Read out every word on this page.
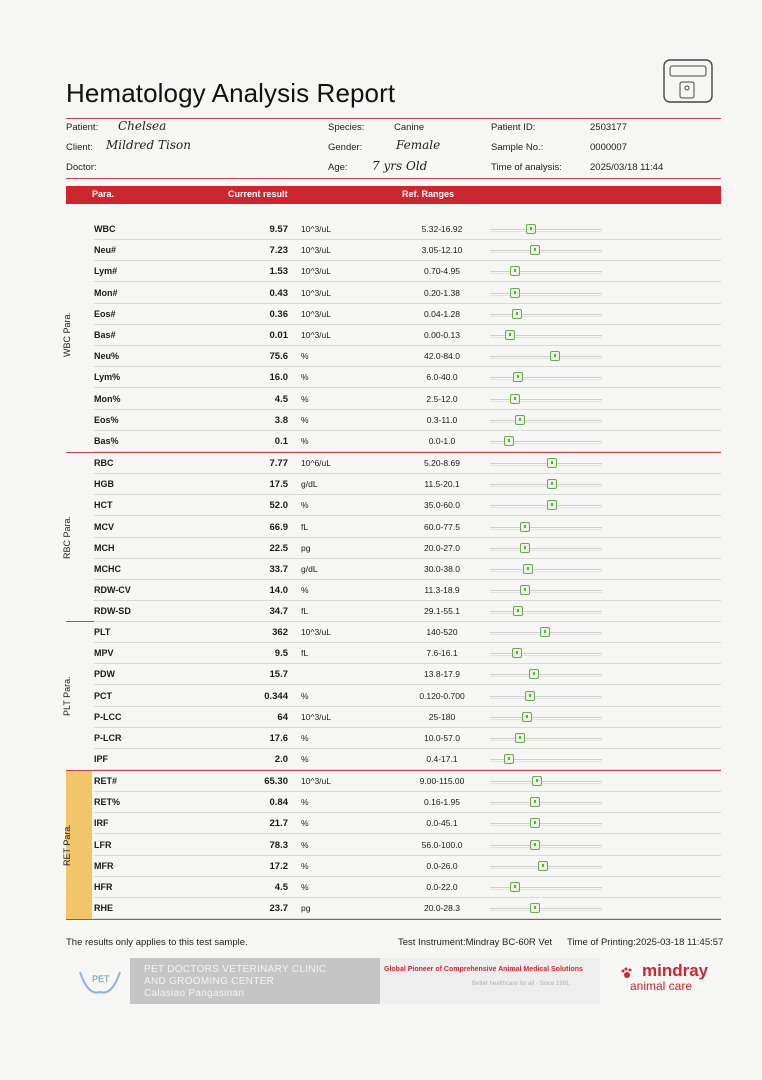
Hematology Analysis Report
Patient: Chelsea
Client: Mildred Tison
Doctor:
Species:	Canine
Gender:	Female
Age: 7 yrs Old
Patient ID:	2503177
Sample No.:	0000007
Time of analysis:	2025/03/18 11:44
Para.	Current result	Ref. Ranges
WBC Para.
RBC Para.
PLT Para.
RET Para.
WBC	9.57 10^3/uL	5.32-16.92
Neu#	7.23 10^3/uL	3.05-12.10
Lym#	1.53 10^3/uL	0.70-4.95
Mon#	0.43 10^3/uL	0.20-1.38
Eos#	0.36 10^3/uL	0.04-1.28
Bas#	0.01 10^3/uL	0.00-0.13
Neu%	75.6 %	42.0-84.0
Lym%	16.0 %	6.0-40.0
Mon%	4.5 %	2.5-12.0
Eos%	3.8 %	0.3-11.0
Bas%	0.1 %	0.0-1.0
RBC	7.77 10^6/uL	5.20-8.69
HGB	17.5 g/dL	11.5-20.1
HCT	52.0 %	35.0-60.0
MCV	66.9 fL	60.0-77.5
MCH	22.5 pg	20.0-27.0
MCHC	33.7 g/dL	30.0-38.0
RDW-CV	14.0 %	11.3-18.9
RDW-SD	34.7 fL	29.1-55.1
PLT	362 10^3/uL	140-520
MPV	9.5 fL	7.6-16.1
PDW	15.7	13.8-17.9
PCT	0.344 %	0.120-0.700
P-LCC	64 10^3/uL	25-180
P-LCR	17.6 %	10.0-57.0
IPF	2.0 %	0.4-17.1
RET#	65.30 10^3/uL	9.00-115.00
RET%	0.84 %	0.16-1.95
IRF	21.7 %	0.0-45.1
LFR	78.3 %	56.0-100.0
MFR	17.2 %	0.0-26.0
HFR	4.5 %	0.0-22.0
RHE	23.7 pg	20.0-28.3
The results only applies to this test sample.	Test Instrument:Mindray BC-60R Vet Time of Printing:2025-03-18 11:45:57
PET
PET DOCTORS VETERINARY CLINIC
AND GROOMING CENTER
Calasiao Pangasinan
Global Pioneer of Comprehensive Animal Medical Solutions
Better healthcare for all · Since 1991
mindray
animal care
